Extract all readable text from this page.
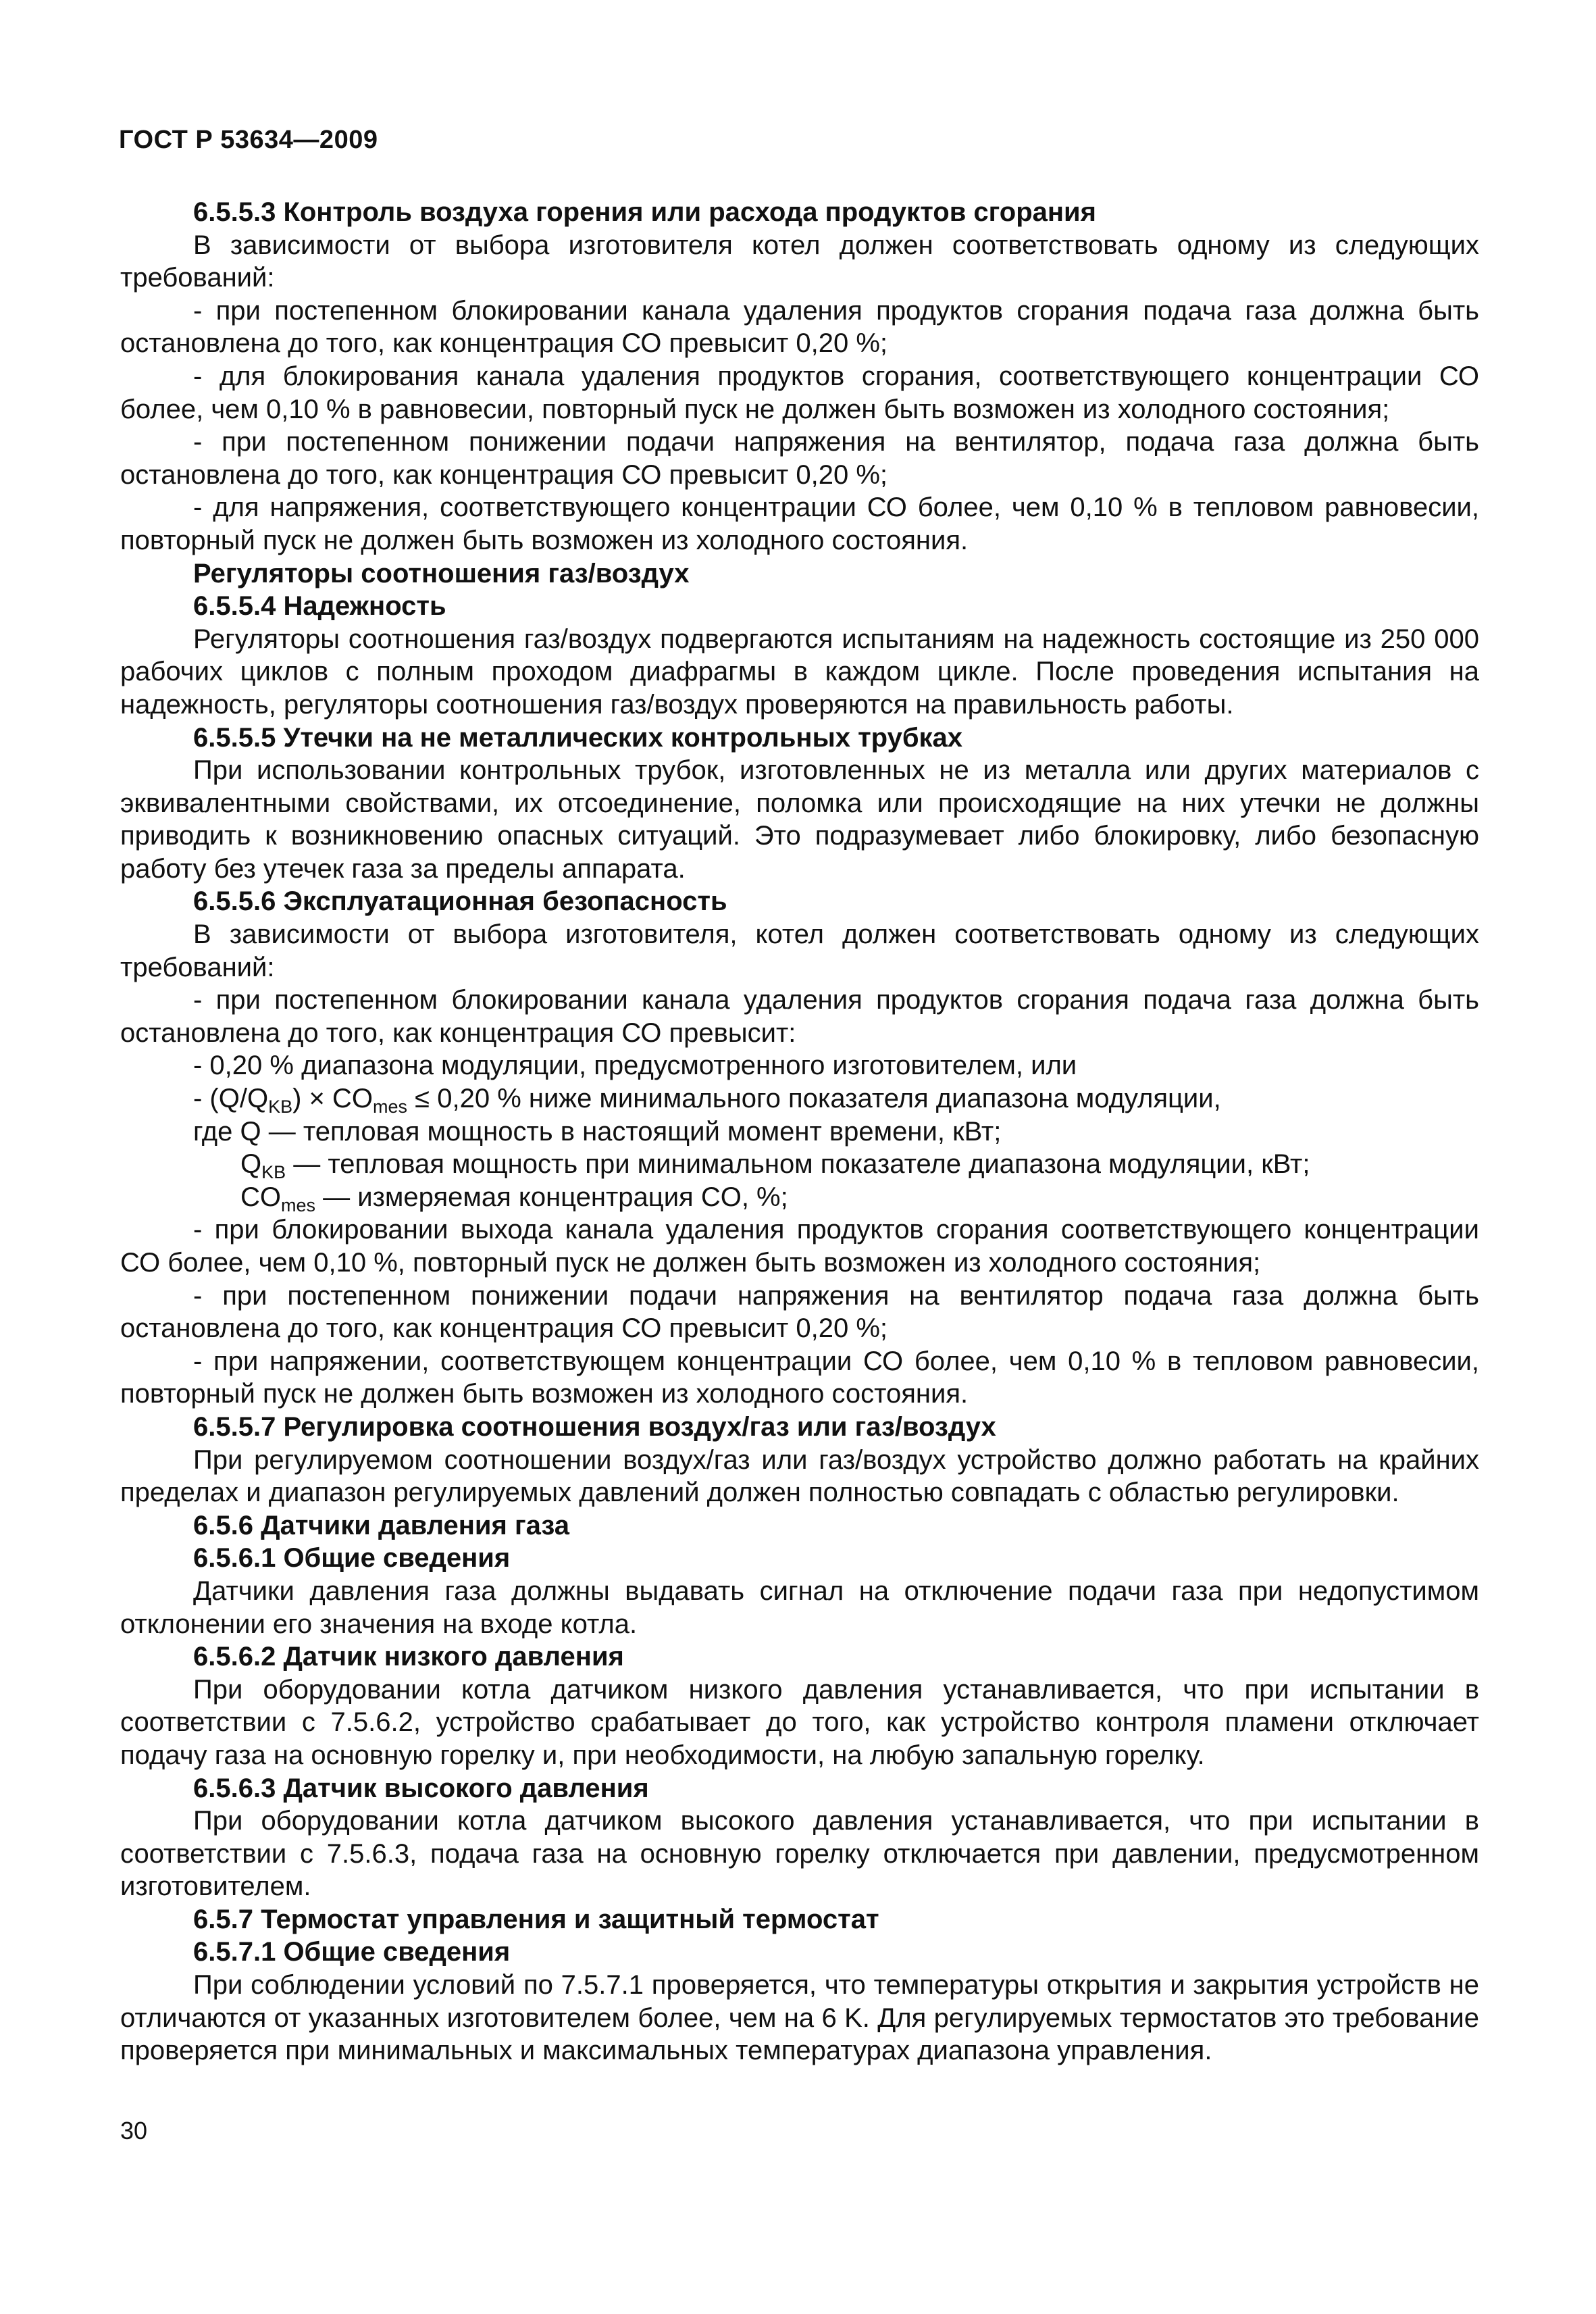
ГОСТ Р 53634—2009
6.5.5.3 Контроль воздуха горения или расхода продуктов сгорания

В зависимости от выбора изготовителя котел должен соответствовать одному из следующих требований:

- при постепенном блокировании канала удаления продуктов сгорания подача газа должна быть остановлена до того, как концентрация СО превысит 0,20 %;

- для блокирования канала удаления продуктов сгорания, соответствующего концентрации СО более, чем 0,10 % в равновесии, повторный пуск не должен быть возможен из холодного состояния;

- при постепенном понижении подачи напряжения на вентилятор, подача газа должна быть остановлена до того, как концентрация СО превысит 0,20 %;

- для напряжения, соответствующего концентрации СО более, чем 0,10 % в тепловом равновесии, повторный пуск не должен быть возможен из холодного состояния.

Регуляторы соотношения газ/воздух
6.5.5.4 Надежность

Регуляторы соотношения газ/воздух подвергаются испытаниям на надежность состоящие из 250 000 рабочих циклов с полным проходом диафрагмы в каждом цикле. После проведения испытания на надежность, регуляторы соотношения газ/воздух проверяются на правильность работы.

6.5.5.5 Утечки на не металлических контрольных трубках

При использовании контрольных трубок, изготовленных не из металла или других материалов с эквивалентными свойствами, их отсоединение, поломка или происходящие на них утечки не должны приводить к возникновению опасных ситуаций. Это подразумевает либо блокировку, либо безопасную работу без утечек газа за пределы аппарата.

6.5.5.6 Эксплуатационная безопасность

В зависимости от выбора изготовителя, котел должен соответствовать одному из следующих требований:

- при постепенном блокировании канала удаления продуктов сгорания подача газа должна быть остановлена до того, как концентрация СО превысит:

- 0,20 % диапазона модуляции, предусмотренного изготовителем, или

- $(Q/Q_{KB}) \times CO_{mes} \le 0,20$ % ниже минимального показателя диапазона модуляции,

где Q — тепловая мощность в настоящий момент времени, кВт;
$Q_{KB}$ — тепловая мощность при минимальном показателе диапазона модуляции, кВт;
$CO_{mes}$ — измеряемая концентрация CO, %;

- при блокировании выхода канала удаления продуктов сгорания соответствующего концентрации СО более, чем 0,10 %, повторный пуск не должен быть возможен из холодного состояния;

- при постепенном понижении подачи напряжения на вентилятор подача газа должна быть остановлена до того, как концентрация СО превысит 0,20 %;

- при напряжении, соответствующем концентрации СО более, чем 0,10 % в тепловом равновесии, повторный пуск не должен быть возможен из холодного состояния.

6.5.5.7 Регулировка соотношения воздух/газ или газ/воздух

При регулируемом соотношении воздух/газ или газ/воздух устройство должно работать на крайних пределах и диапазон регулируемых давлений должен полностью совпадать с областью регулировки.

6.5.6 Датчики давления газа
6.5.6.1 Общие сведения

Датчики давления газа должны выдавать сигнал на отключение подачи газа при недопустимом отклонении его значения на входе котла.

6.5.6.2 Датчик низкого давления

При оборудовании котла датчиком низкого давления устанавливается, что при испытании в соответствии с 7.5.6.2, устройство срабатывает до того, как устройство контроля пламени отключает подачу газа на основную горелку и, при необходимости, на любую запальную горелку.

6.5.6.3 Датчик высокого давления

При оборудовании котла датчиком высокого давления устанавливается, что при испытании в соответствии с 7.5.6.3, подача газа на основную горелку отключается при давлении, предусмотренном изготовителем.

6.5.7 Термостат управления и защитный термостат
6.5.7.1 Общие сведения

При соблюдении условий по 7.5.7.1 проверяется, что температуры открытия и закрытия устройств не отличаются от указанных изготовителем более, чем на 6 K. Для регулируемых термостатов это требование проверяется при минимальных и максимальных температурах диапазона управления.

30
